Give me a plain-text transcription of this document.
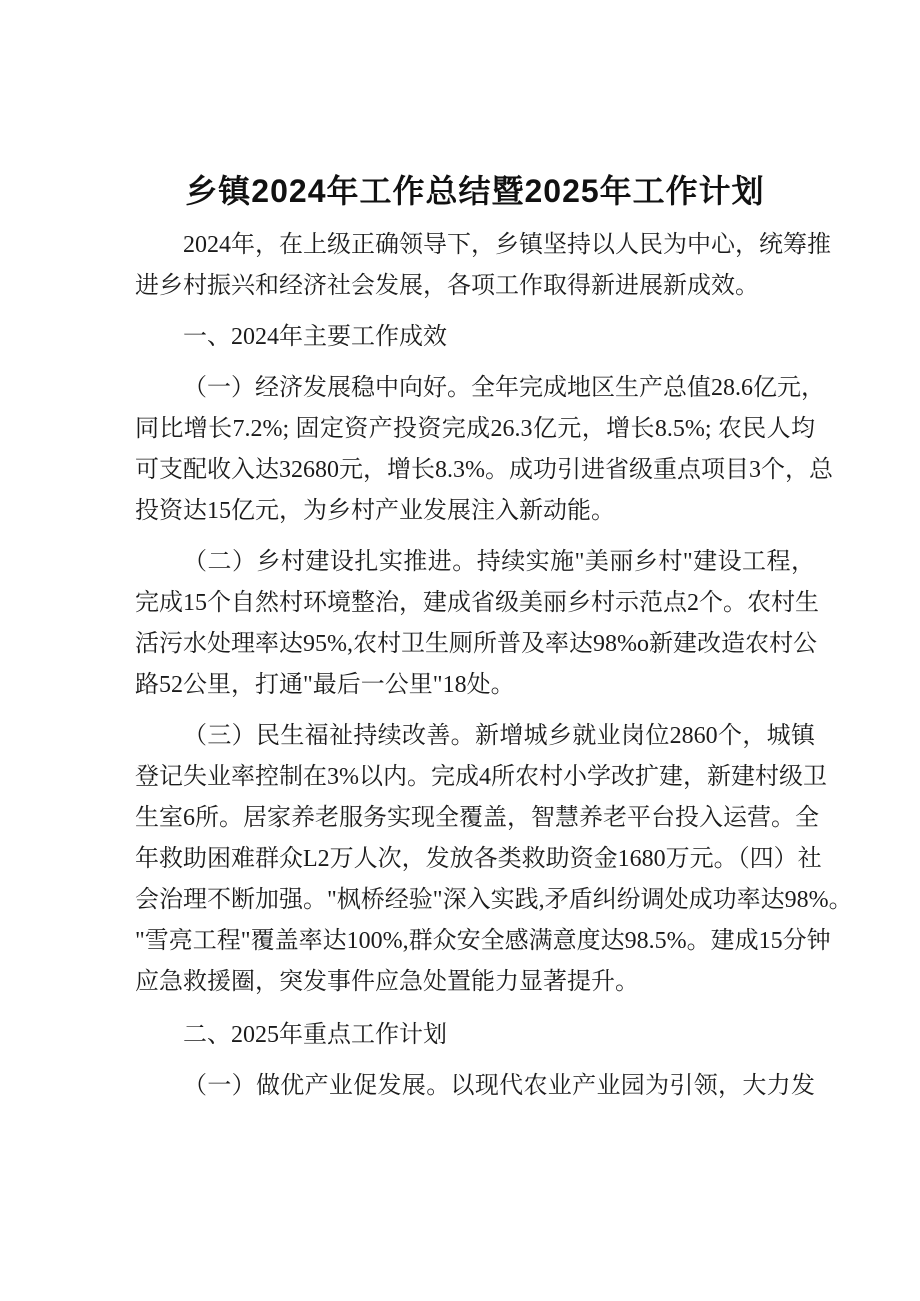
乡镇2024年工作总结暨2025年工作计划
2024年，在上级正确领导下，乡镇坚持以人民为中心，统筹推
进乡村振兴和经济社会发展，各项工作取得新进展新成效。
一、2024年主要工作成效
（一）经济发展稳中向好。全年完成地区生产总值28.6亿元，
同比增长7.2%; 固定资产投资完成26.3亿元，增长8.5%; 农民人均
可支配收入达32680元，增长8.3%。成功引进省级重点项目3个，总
投资达15亿元，为乡村产业发展注入新动能。
（二）乡村建设扎实推进。持续实施"美丽乡村"建设工程，
完成15个自然村环境整治，建成省级美丽乡村示范点2个。农村生
活污水处理率达95%,农村卫生厕所普及率达98%o新建改造农村公
路52公里，打通"最后一公里"18处。
（三）民生福祉持续改善。新增城乡就业岗位2860个，城镇
登记失业率控制在3%以内。完成4所农村小学改扩建，新建村级卫
生室6所。居家养老服务实现全覆盖，智慧养老平台投入运营。全
年救助困难群众L2万人次，发放各类救助资金1680万元。（四）社
会治理不断加强。"枫桥经验"深入实践,矛盾纠纷调处成功率达98%。
"雪亮工程"覆盖率达100%,群众安全感满意度达98.5%。建成15分钟
应急救援圈，突发事件应急处置能力显著提升。
二、2025年重点工作计划
（一）做优产业促发展。以现代农业产业园为引领，大力发
